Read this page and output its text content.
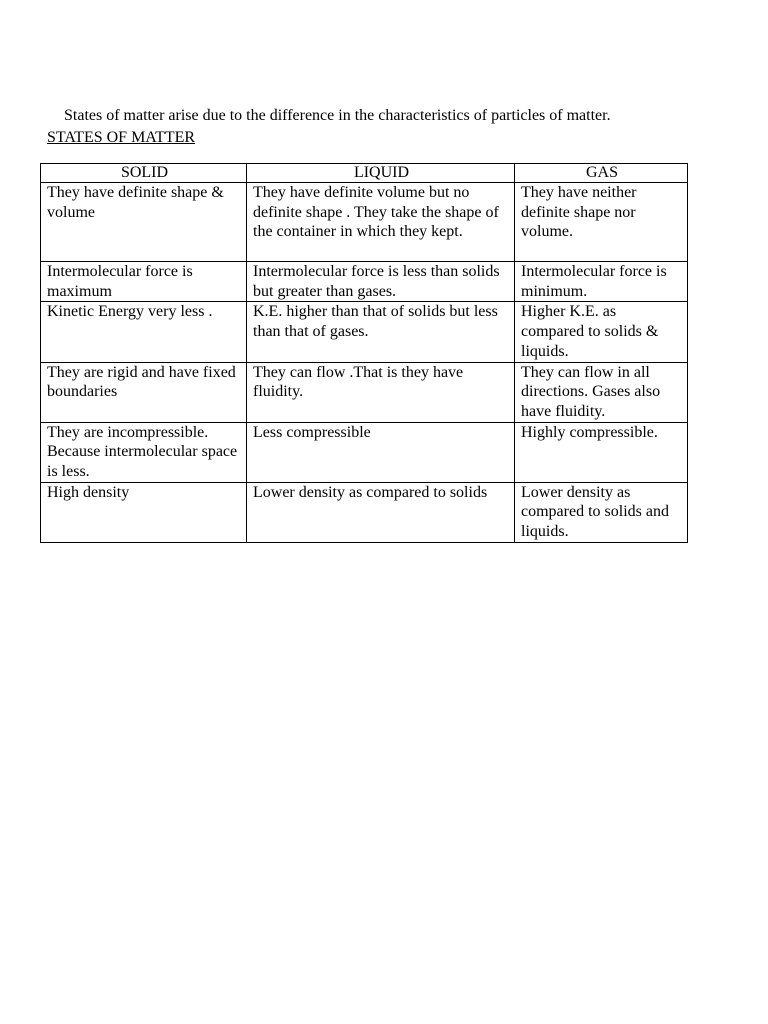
States of matter arise due to the difference in the characteristics of particles of matter.
STATES OF MATTER
SOLID	LIQUID	GAS
They have definite shape & volume	They have definite volume but no definite shape . They take the shape of the container in which they kept.	They have neither definite shape nor volume.
Intermolecular force is maximum	Intermolecular force is less than solids but greater than gases.	Intermolecular force is minimum.
Kinetic Energy very less .	K.E. higher than that of solids but less than that of gases.	Higher K.E. as compared to solids & liquids.
They are rigid and have fixed boundaries	They can flow .That is they have fluidity.	They can flow in all directions. Gases also have fluidity.
They are incompressible. Because intermolecular space is less.	Less compressible	Highly compressible.
High density	Lower density as compared to solids	Lower density as compared to solids and liquids.
